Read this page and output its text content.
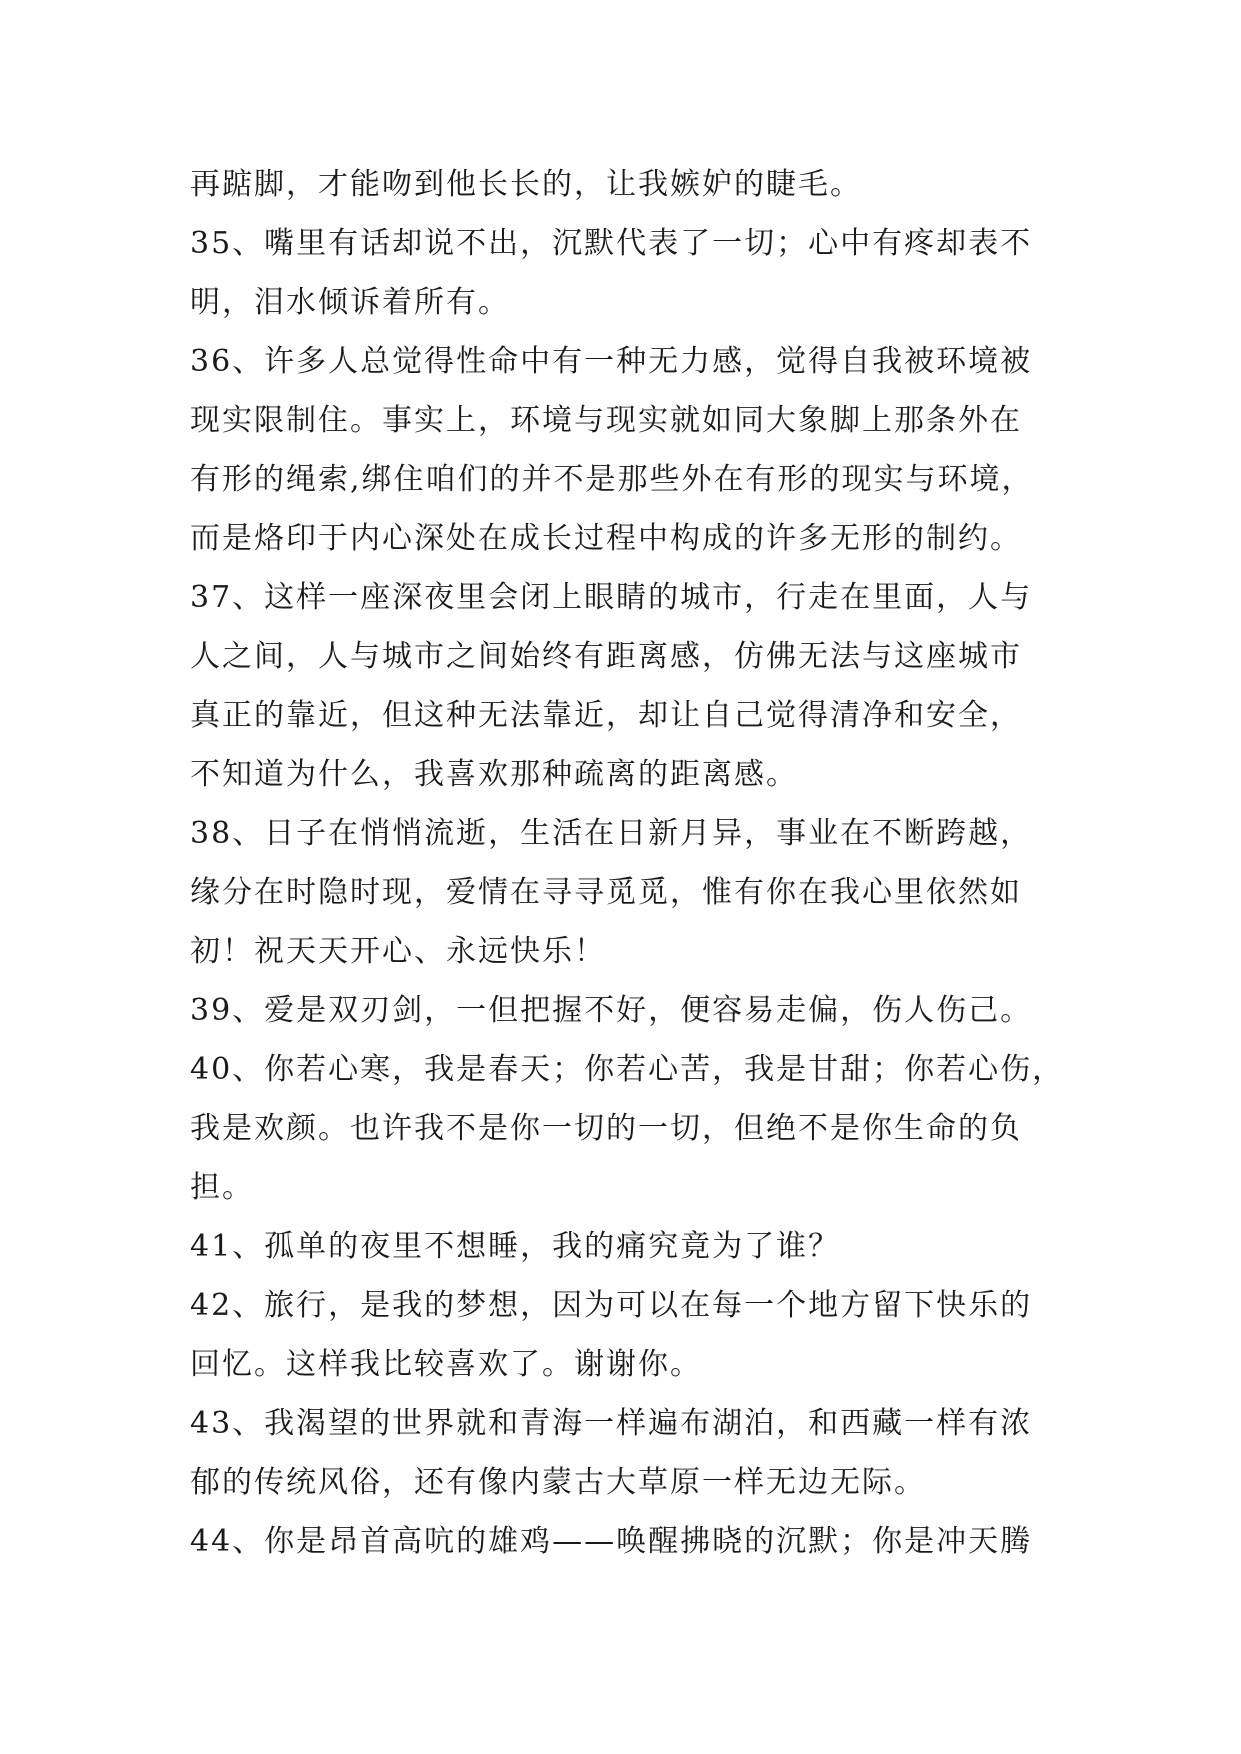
再踮脚，才能吻到他长长的，让我嫉妒的睫毛。
35、嘴里有话却说不出，沉默代表了一切；心中有疼却表不
明，泪水倾诉着所有。
36、许多人总觉得性命中有一种无力感，觉得自我被环境被
现实限制住。事实上，环境与现实就如同大象脚上那条外在
有形的绳索,绑住咱们的并不是那些外在有形的现实与环境，
而是烙印于内心深处在成长过程中构成的许多无形的制约。
37、这样一座深夜里会闭上眼睛的城市，行走在里面，人与
人之间，人与城市之间始终有距离感，仿佛无法与这座城市
真正的靠近，但这种无法靠近，却让自己觉得清净和安全，
不知道为什么，我喜欢那种疏离的距离感。
38、日子在悄悄流逝，生活在日新月异，事业在不断跨越，
缘分在时隐时现，爱情在寻寻觅觅，惟有你在我心里依然如
初！祝天天开心、永远快乐！
39、爱是双刃剑，一但把握不好，便容易走偏，伤人伤己。
40、你若心寒，我是春天；你若心苦，我是甘甜；你若心伤，
我是欢颜。也许我不是你一切的一切，但绝不是你生命的负
担。
41、孤单的夜里不想睡，我的痛究竟为了谁？
42、旅行，是我的梦想，因为可以在每一个地方留下快乐的
回忆。这样我比较喜欢了。谢谢你。
43、我渴望的世界就和青海一样遍布湖泊，和西藏一样有浓
郁的传统风俗，还有像内蒙古大草原一样无边无际。
44、你是昂首高吭的雄鸡——唤醒拂晓的沉默；你是冲天腾
